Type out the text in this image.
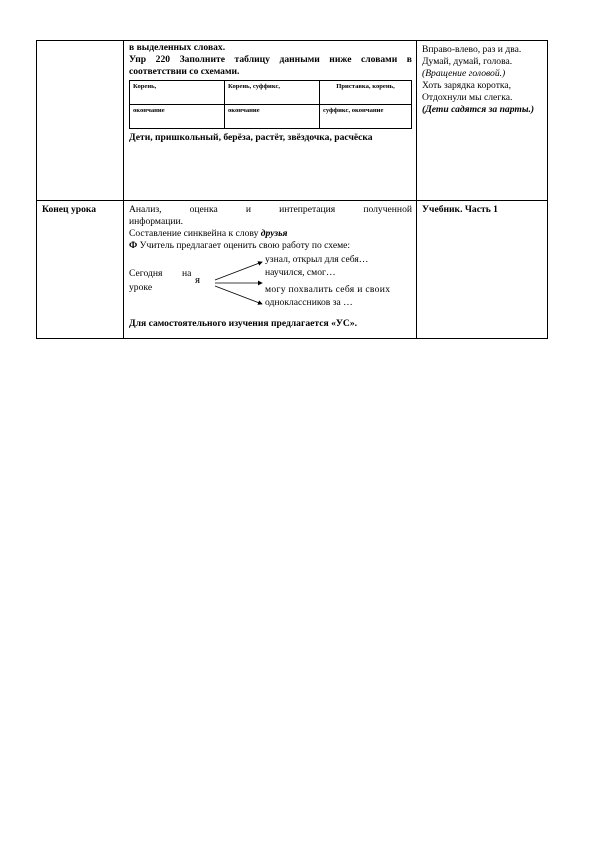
в выделенных словах.
Упр 220 Заполните таблицу данными ниже словами в
соответствии со схемами.
Корень,	Корень, суффикс,	Приставка, корень,
окончание	окончание	суффикс, окончание
Дети, пришкольный, берёза, растёт, звёздочка, расчёска

Вправо-влево, раз и два.
Думай, думай, голова.
(Вращение головой.)
Хоть зарядка коротка,
Отдохнули мы слегка.
(Дети садятся за парты.)

Конец урока	Анализ, оценка и интепретация полученной
информации.
Составление синквейна к слову друзья
Ф Учитель предлагает оценить свою работу по схеме:
Сегодня на
уроке
я
узнал, открыл для себя…
научился, смог…
могу похвалить себя и своих
одноклассников за …
Для самостоятельного изучения предлагается «УС».

Учебник. Часть 1
